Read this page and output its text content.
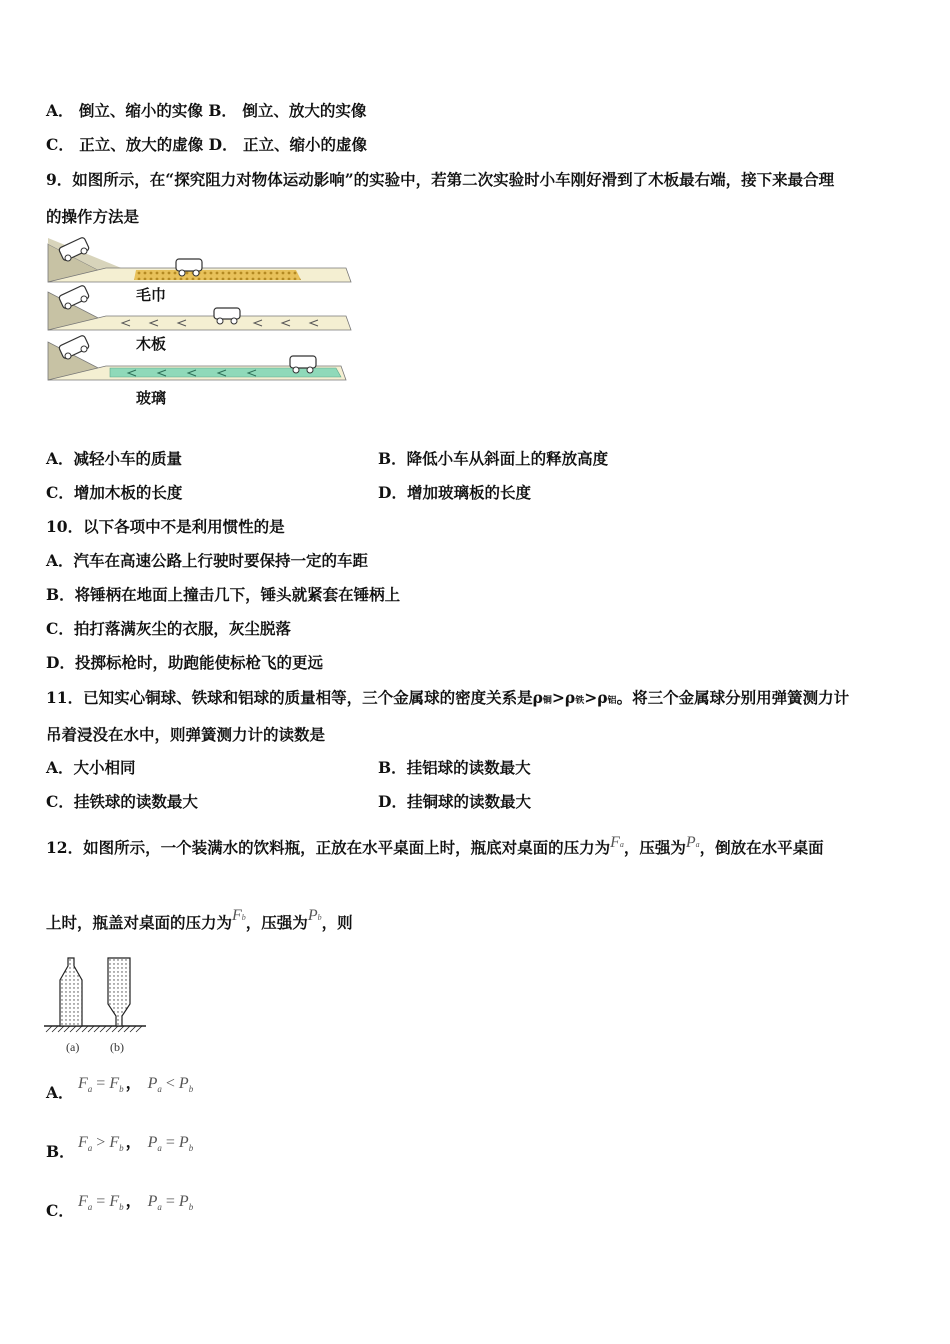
A． 倒立、缩小的实像 B． 倒立、放大的实像
C． 正立、放大的虚像 D． 正立、缩小的虚像
9．如图所示，在“探究阻力对物体运动影响”的实验中，若第二次实验时小车刚好滑到了木板最右端，接下来最合理
的操作方法是
毛巾
木板
玻璃
A．减轻小车的质量	B．降低小车从斜面上的释放高度
C．增加木板的长度	D．增加玻璃板的长度
10．以下各项中不是利用惯性的是
A．汽车在高速公路上行驶时要保持一定的车距
B．将锤柄在地面上撞击几下，锤头就紧套在锤柄上
C．拍打落满灰尘的衣服，灰尘脱落
D．投掷标枪时，助跑能使标枪飞的更远
11．已知实心铜球、铁球和铝球的质量相等，三个金属球的密度关系是ρ铜>ρ铁>ρ铝。将三个金属球分别用弹簧测力计
吊着浸没在水中，则弹簧测力计的读数是
A．大小相同	B．挂铝球的读数最大
C．挂铁球的读数最大	D．挂铜球的读数最大
12．如图所示，一个装满水的饮料瓶，正放在水平桌面上时，瓶底对桌面的压力为Fa，压强为Pa，倒放在水平桌面
上时，瓶盖对桌面的压力为Fb，压强为Pb，则
(a)	(b)
A． $F_a = F_b$ ， $P_a < P_b$
B． $F_a > F_b$ ， $P_a = P_b$
C． $F_a = F_b$ ， $P_a = P_b$
